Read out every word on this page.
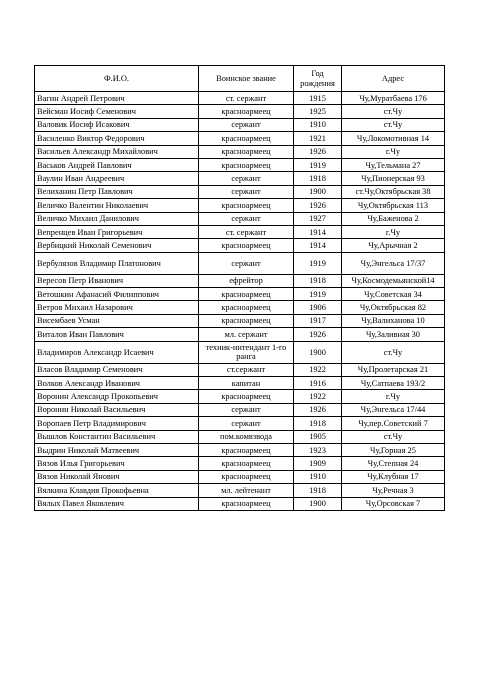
Ф.И.О.	Воинское звание	Год рождения	Адрес
Вагин Андрей Петрович	ст. сержант	1915	Чу,Муратбаева 176
Вейсман Иосиф Семенович	красноармеец	1925	ст.Чу
Валовик Иосиф Исакович	сержант	1910	ст.Чу
Василенко Виктор Федорович	красноармеец	1921	Чу,Локомотивная 14
Васильев Александр Михайлович	красноармеец	1926	г.Чу
Васьков Андрей Павлович	красноармеец	1919	Чу,Тельмана 27
Ваулин Иван Андреевич	сержант	1918	Чу,Пионерская 93
Велиханин Петр Павлович	сержант	1900	ст.Чу,Октябрьская 38
Величко Валентин Николаевич	красноармеец	1926	Чу,Октябрьская 113
Величко Михаил Данилович	сержант	1927	Чу,Баженова 2
Вепренцев Иван Григорьевич	ст. сержант	1914	г.Чу
Вербицкий Николай Семенович	красноармеец	1914	Чу,Арычная 2
Вербулязов Владимир Платонович	сержант	1919	Чу,Энгельса 17/37
Вересов Петр Иванович	ефрейтор	1918	Чу,Космодемьянской14
Ветошкин Афанасий Филиппович	красноармеец	1919	Чу,Советская 34
Ветров Михаил Назарович	красноармеец	1906	Чу,Октябрьская 82
Висембаев Усман	красноармеец	1917	Чу,Валиханова 10
Виталов Иван Павлович	мл. сержант	1926	Чу,Заливная 30
Владимиров Александр Исаевич	техник-интендант 1-го ранга	1900	ст.Чу
Власов Владимир Семенович	ст.сержант	1922	Чу,Пролетарская 21
Волков Александр Иванович	капитан	1916	Чу,Сатпаева 193/2
Воронин Александр Прокопьевич	красноармеец	1922	г.Чу
Воронин Николай Васильевич	сержант	1926	Чу,Энгельса 17/44
Воропаев Петр Владимирович	сержант	1918	Чу,пер.Советский 7
Вышлов Константин Васильевич	пом.комвзвода	1905	ст.Чу
Выдрин Николай Матвеевич	красноармеец	1923	Чу,Горная 25
Вязов Илья Григорьевич	красноармеец	1909	Чу,Степная 24
Вязов Николай Янович	красноармеец	1910	Чу,Клубная 17
Вялкина Клавдия Прокофьевна	мл. лейтенант	1918	Чу,Речная 3
Вялых Павел Яковлевич	красноармеец	1900	Чу,Орсовская 7
